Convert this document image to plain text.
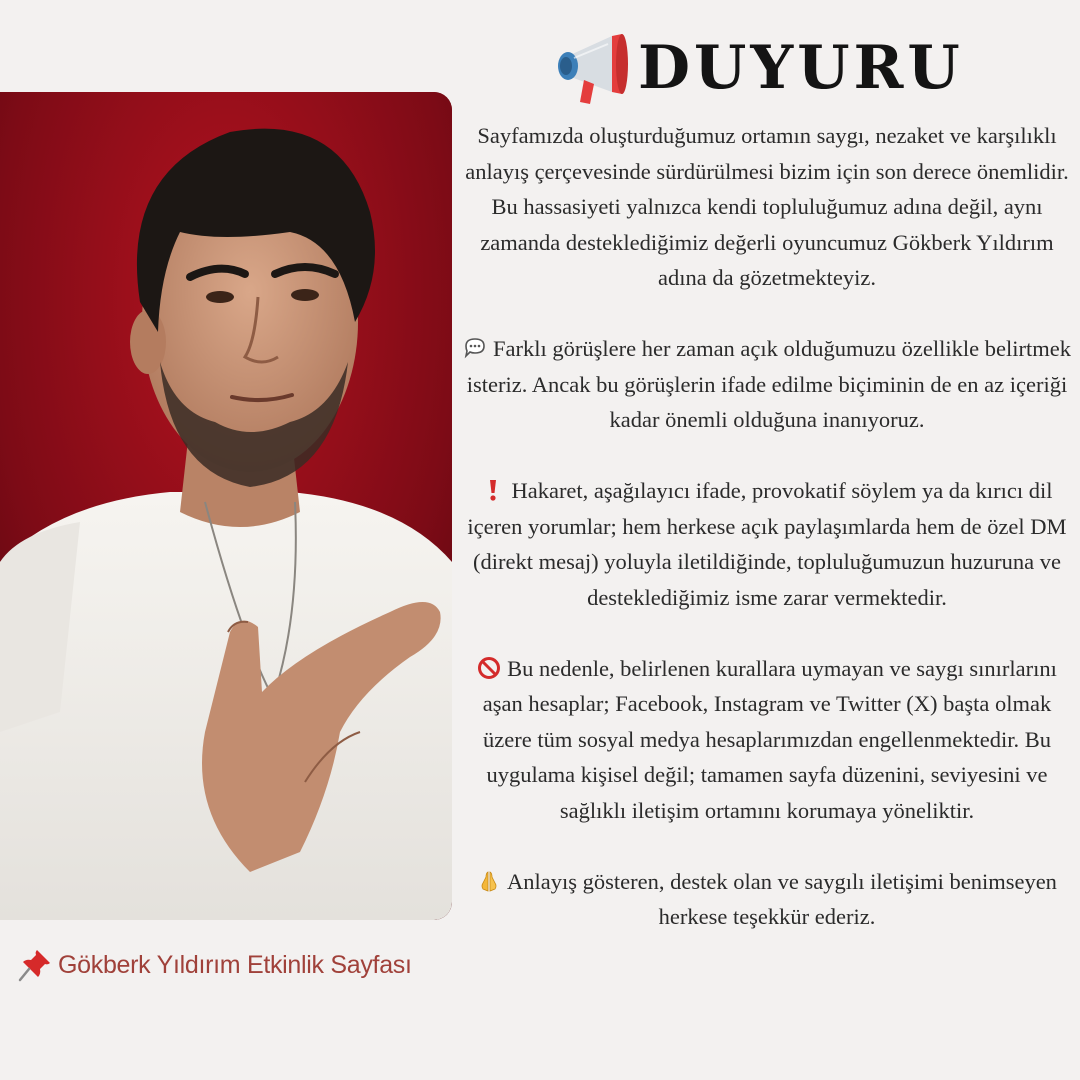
Gökberk Yıldırım Etkinlik Sayfası
DUYURU

Sayfamızda oluşturduğumuz ortamın saygı, nezaket ve karşılıklı anlayış çerçevesinde sürdürülmesi bizim için son derece önemlidir. Bu hassasiyeti yalnızca kendi topluluğumuz adına değil, aynı zamanda desteklediğimiz değerli oyuncumuz Gökberk Yıldırım adına da gözetmekteyiz.

Farklı görüşlere her zaman açık olduğumuzu özellikle belirtmek isteriz. Ancak bu görüşlerin ifade edilme biçiminin de en az içeriği kadar önemli olduğuna inanıyoruz.

Hakaret, aşağılayıcı ifade, provokatif söylem ya da kırıcı dil içeren yorumlar; hem herkese açık paylaşımlarda hem de özel DM (direkt mesaj) yoluyla iletildiğinde, topluluğumuzun huzuruna ve desteklediğimiz isme zarar vermektedir.

Bu nedenle, belirlenen kurallara uymayan ve saygı sınırlarını aşan hesaplar; Facebook, Instagram ve Twitter (X) başta olmak üzere tüm sosyal medya hesaplarımızdan engellenmektedir. Bu uygulama kişisel değil; tamamen sayfa düzenini, seviyesini ve sağlıklı iletişim ortamını korumaya yöneliktir.

Anlayış gösteren, destek olan ve saygılı iletişimi benimseyen herkese teşekkür ederiz.
